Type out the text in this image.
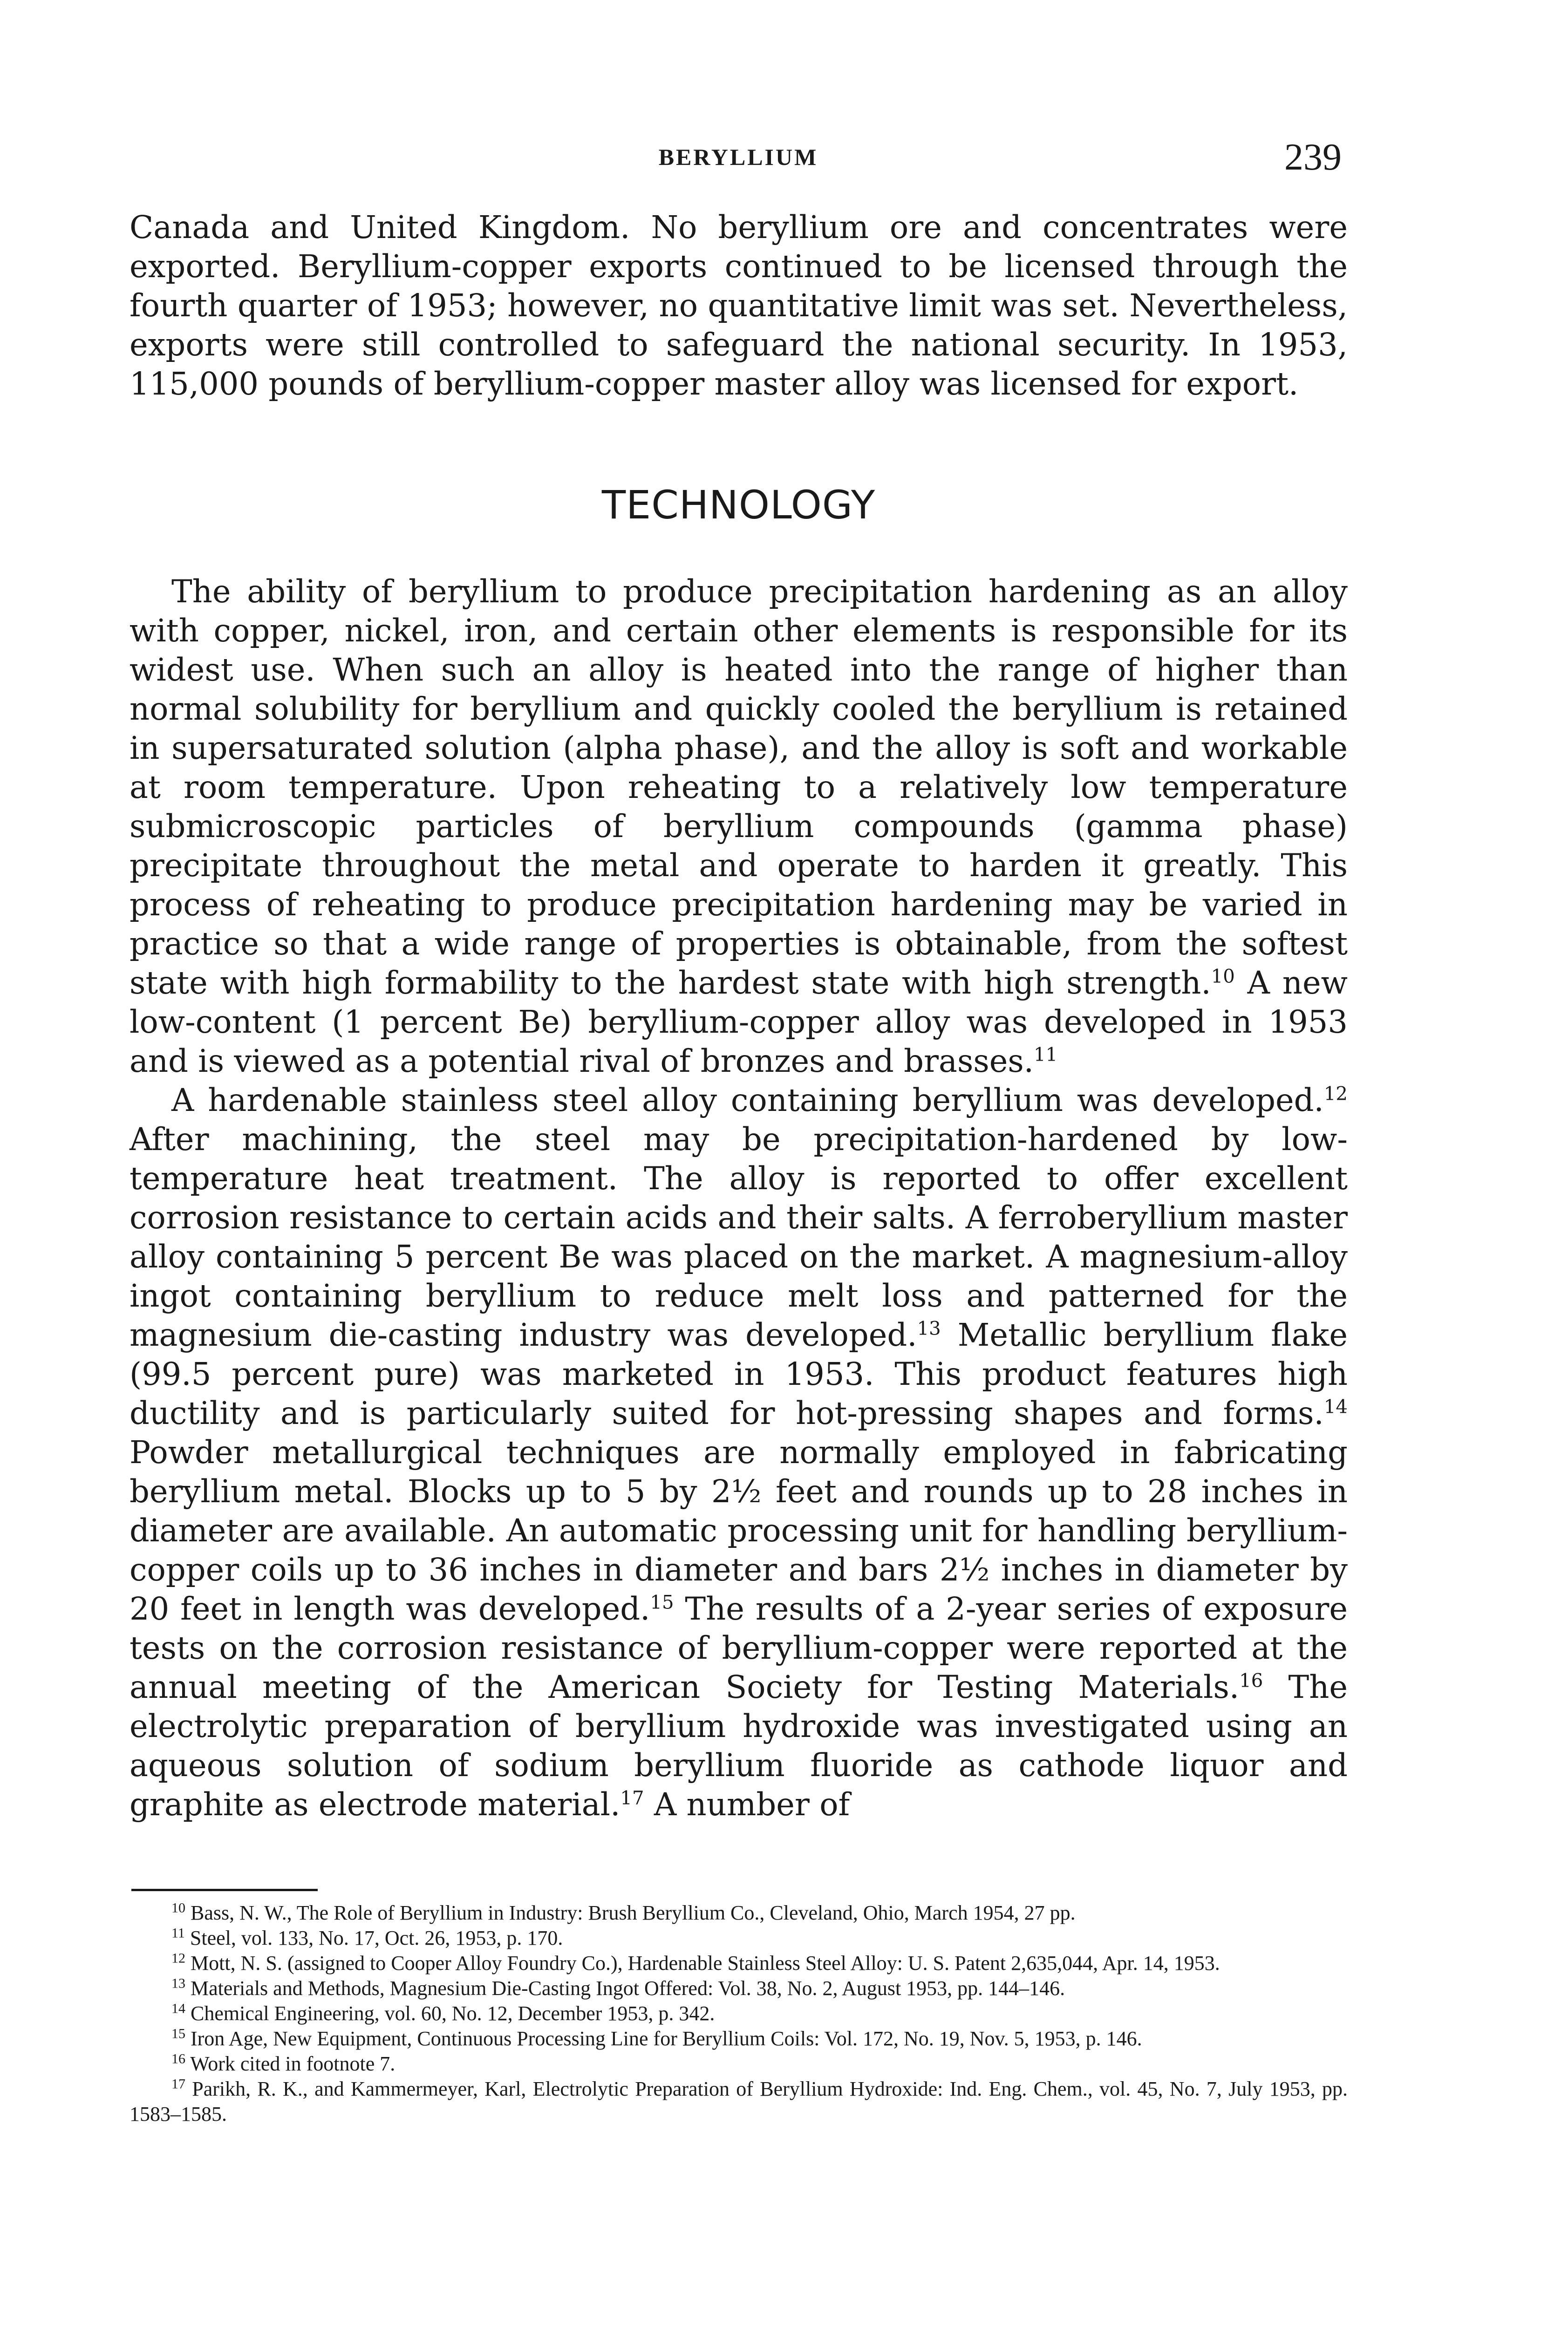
BERYLLIUM	239

Canada and United Kingdom. No beryllium ore and concentrates were exported. Beryllium-copper exports continued to be licensed through the fourth quarter of 1953; however, no quantitative limit was set. Nevertheless, exports were still controlled to safeguard the national security. In 1953, 115,000 pounds of beryllium-copper master alloy was licensed for export.

TECHNOLOGY

The ability of beryllium to produce precipitation hardening as an alloy with copper, nickel, iron, and certain other elements is responsible for its widest use. When such an alloy is heated into the range of higher than normal solubility for beryllium and quickly cooled the beryllium is retained in supersaturated solution (alpha phase), and the alloy is soft and workable at room temperature. Upon reheating to a relatively low temperature submicroscopic particles of beryllium compounds (gamma phase) precipitate throughout the metal and operate to harden it greatly. This process of reheating to produce precipitation hardening may be varied in practice so that a wide range of properties is obtainable, from the softest state with high formability to the hardest state with high strength.$^{10}$ A new low-content (1 percent Be) beryllium-copper alloy was developed in 1953 and is viewed as a potential rival of bronzes and brasses.$^{11}$

A hardenable stainless steel alloy containing beryllium was developed.$^{12}$ After machining, the steel may be precipitation-hardened by low-temperature heat treatment. The alloy is reported to offer excellent corrosion resistance to certain acids and their salts. A ferroberyllium master alloy containing 5 percent Be was placed on the market. A magnesium-alloy ingot containing beryllium to reduce melt loss and patterned for the magnesium die-casting industry was developed.$^{13}$ Metallic beryllium flake (99.5 percent pure) was marketed in 1953. This product features high ductility and is particularly suited for hot-pressing shapes and forms.$^{14}$ Powder metallurgical techniques are normally employed in fabricating beryllium metal. Blocks up to 5 by 2½ feet and rounds up to 28 inches in diameter are available. An automatic processing unit for handling beryllium-copper coils up to 36 inches in diameter and bars 2½ inches in diameter by 20 feet in length was developed.$^{15}$ The results of a 2-year series of exposure tests on the corrosion resistance of beryllium-copper were reported at the annual meeting of the American Society for Testing Materials.$^{16}$ The electrolytic preparation of beryllium hydroxide was investigated using an aqueous solution of sodium beryllium fluoride as cathode liquor and graphite as electrode material.$^{17}$ A number of

$^{10}$ Bass, N. W., The Role of Beryllium in Industry: Brush Beryllium Co., Cleveland, Ohio, March 1954, 27 pp.

$^{11}$ Steel, vol. 133, No. 17, Oct. 26, 1953, p. 170.

$^{12}$ Mott, N. S. (assigned to Cooper Alloy Foundry Co.), Hardenable Stainless Steel Alloy: U. S. Patent 2,635,044, Apr. 14, 1953.

$^{13}$ Materials and Methods, Magnesium Die-Casting Ingot Offered: Vol. 38, No. 2, August 1953, pp. 144–146.

$^{14}$ Chemical Engineering, vol. 60, No. 12, December 1953, p. 342.

$^{15}$ Iron Age, New Equipment, Continuous Processing Line for Beryllium Coils: Vol. 172, No. 19, Nov. 5, 1953, p. 146.

$^{16}$ Work cited in footnote 7.

$^{17}$ Parikh, R. K., and Kammermeyer, Karl, Electrolytic Preparation of Beryllium Hydroxide: Ind. Eng. Chem., vol. 45, No. 7, July 1953, pp. 1583–1585.
